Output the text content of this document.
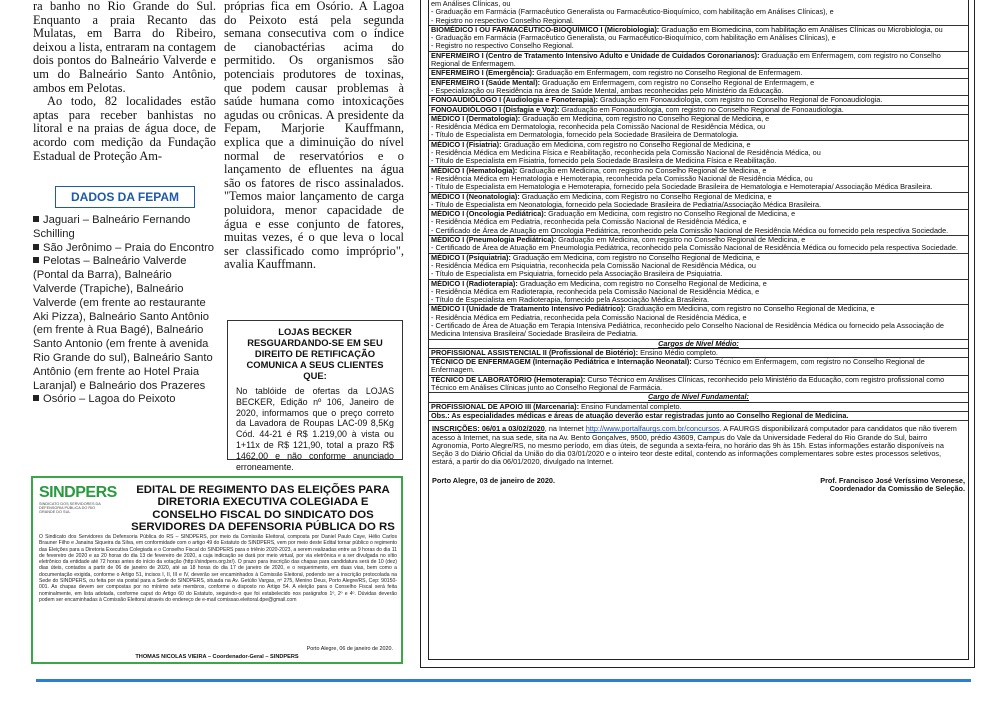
ra banho no Rio Grande do Sul. Enquanto a praia Recanto das Mulatas, em Barra do Ribeiro, deixou a lista, entraram na contagem dois pontos do Balneário Valverde e um do Balneário Santo Antônio, ambos em Pelotas.

Ao todo, 82 localidades estão aptas para receber banhistas no litoral e na praias de água doce, de acordo com medição da Fundação Estadual de Proteção Am-

próprias fica em Osório. A Lagoa do Peixoto está pela segunda semana consecutiva com o índice de cianobactérias acima do permitido. Os organismos são potenciais produtores de toxinas, que podem causar problemas à saúde humana como intoxicações agudas ou crônicas. A presidente da Fepam, Marjorie Kauffmann, explica que a diminuição do nível normal de reservatórios e o lançamento de efluentes na água são os fatores de risco assinalados. "Temos maior lançamento de carga poluidora, menor capacidade de água e esse conjunto de fatores, muitas vezes, é o que leva o local ser classificado como impróprio", avalia Kauffmann.

DADOS DA FEPAM
Jaguari – Balneário Fernando Schilling
São Jerônimo – Praia do Encontro
Pelotas – Balneário Valverde (Pontal da Barra), Balneário Valverde (Trapiche), Balneário Valverde (em frente ao restaurante Aki Pizza), Balneário Santo Antônio (em frente à Rua Bagé), Balneário Santo Antonio (em frente à avenida Rio Grande do sul), Balneário Santo Antônio (em frente ao Hotel Praia Laranjal) e Balneário dos Prazeres
Osório – Lagoa do Peixoto
LOJAS BECKER RESGUARDANDO-SE EM SEU DIREITO DE RETIFICAÇÃO COMUNICA A SEUS CLIENTES QUE:
No tablóide de ofertas da LOJAS BECKER, Edição nº 106, Janeiro de 2020, informamos que o preço correto da Lavadora de Roupas LAC-09 8,5Kg Cód. 44-21 é R$ 1.219,00 à vista ou 1+11x de R$ 121,90, total a prazo R$ 1462,00 e não conforme anunciado erroneamente.
SINDPERS
SINDICATO DOS SERVIDORES DA DEFENSORIA PÚBLICA DO RIO GRANDE DO SUL
EDITAL DE REGIMENTO DAS ELEIÇÕES PARA DIRETORIA EXECUTIVA COLEGIADA E CONSELHO FISCAL DO SINDICATO DOS SERVIDORES DA DEFENSORIA PÚBLICA DO RS
O Sindicato dos Servidores da Defensoria Pública do RS – SINDPERS, por meio da Comissão Eleitoral, composta por Daniel Paulo Caye, Hélio Carlos Brauner Filho e Janaina Siqueira da Silva, em conformidade com o artigo 49 do Estatuto do SINDPERS, vem por meio deste Edital tornar público o regimento das Eleições para a Diretoria Executiva Colegiada e o Conselho Fiscal do SINDPERS para o triênio 2020-2023, a serem realizadas entre as 9 horas do dia 11 de fevereiro de 2020 e as 20 horas do dia 13 de fevereiro de 2020, a cuja indicação se dará por meio virtual, por via eletrônica e a ser divulgada no sítio eletrônico da entidade até 72 horas antes do início da votação (http://sindpers.org.br/). O prazo para inscrição das chapas para candidatura será de 10 (dez) dias úteis, contados a partir de 06 de janeiro de 2020, até as 18 horas do dia 17 de janeiro de 2020, e o requerimento, em duas vias, bem como a documentação exigida, conforme o Artigo 51, incisos I, II, III e IV, deverão ser encaminhados à Comissão Eleitoral, podendo ser a inscrição protocolada na Sede do SINDPERS, ou feita por via postal para a Sede do SINDPERS, situada na Av. Getúlio Vargas, nº 275, Menino Deus, Porto Alegre/RS, Cep: 90150-001. As chapas devem ser compostas por no mínimo sete membros, conforme o disposto no Artigo 54. A eleição para o Conselho Fiscal será feita nominalmente, em lista adotada, conforme caput do Artigo 60 do Estatuto, seguindo-o que foi estabelecido nos parágrafos 1º, 2º e 4º. Dúvidas deverão podem ser encaminhadas à Comissão Eleitoral através do endereço de e-mail comissao.eleitoral.dpe@gmail.com
Porto Alegre, 06 de janeiro de 2020.
THOMAS NICOLAS VIEIRA – Coordenador-Geral – SINDPERS
em Análises Clínicas, ou
- Graduação em Farmácia (Farmacêutico Generalista ou Farmacêutico-Bioquímico, com habilitação em Análises Clínicas), e
- Registro no respectivo Conselho Regional.
BIOMÉDICO I OU FARMACÊUTICO-BIOQUÍMICO I (Microbiologia): Graduação em Biomedicina, com habilitação em Análises Clínicas ou Microbiologia, ou
- Graduação em Farmácia (Farmacêutico Generalista, ou Farmacêutico-Bioquímico, com habilitação em Análises Clínicas), e
- Registro no respectivo Conselho Regional.
ENFERMEIRO I (Centro de Tratamento Intensivo Adulto e Unidade de Cuidados Coronarianos): Graduação em Enfermagem, com registro no Conselho Regional de Enfermagem.
ENFERMEIRO I (Emergência): Graduação em Enfermagem, com registro no Conselho Regional de Enfermagem.
ENFERMEIRO I (Saúde Mental): Graduação em Enfermagem, com registro no Conselho Regional de Enfermagem, e
- Especialização ou Residência na área de Saúde Mental, ambas reconhecidas pelo Ministério da Educação.
FONOAUDIÓLOGO I (Audiologia e Fonoterapia): Graduação em Fonoaudiologia, com registro no Conselho Regional de Fonoaudiologia.
FONOAUDIÓLOGO I (Disfagia e Voz): Graduação em Fonoaudiologia, com registro no Conselho Regional de Fonoaudiologia.
MÉDICO I (Dermatologia): Graduação em Medicina, com registro no Conselho Regional de Medicina, e
- Residência Médica em Dermatologia, reconhecida pela Comissão Nacional de Residência Médica, ou
- Título de Especialista em Dermatologia, fornecido pela Sociedade Brasileira de Dermatologia.
MÉDICO I (Fisiatria): Graduação em Medicina, com registro no Conselho Regional de Medicina, e
- Residência Médica em Medicina Física e Reabilitação, reconhecida pela Comissão Nacional de Residência Médica, ou
- Título de Especialista em Fisiatria, fornecido pela Sociedade Brasileira de Medicina Física e Reabilitação.
MÉDICO I (Hematologia): Graduação em Medicina, com registro no Conselho Regional de Medicina, e
- Residência Médica em Hematologia e Hemoterapia, reconhecida pela Comissão Nacional de Residência Médica, ou
- Título de Especialista em Hematologia e Hemoterapia, fornecido pela Sociedade Brasileira de Hematologia e Hemoterapia/ Associação Médica Brasileira.
MÉDICO I (Neonatologia): Graduação em Medicina, com Registro no Conselho Regional de Medicina, e
- Título de Especialista em Neonatologia, fornecido pela Sociedade Brasileira de Pediatria/Associação Médica Brasileira.
MÉDICO I (Oncologia Pediátrica): Graduação em Medicina, com registro no Conselho Regional de Medicina, e
- Residência Médica em Pediatria, reconhecida pela Comissão Nacional de Residência Médica, e
- Certificado de Área de Atuação em Oncologia Pediátrica, reconhecido pela Comissão Nacional de Residência Médica ou fornecido pela respectiva Sociedade.
MÉDICO I (Pneumologia Pediátrica): Graduação em Medicina, com registro no Conselho Regional de Medicina, e
- Certificado de Área de Atuação em Pneumologia Pediátrica, reconhecido pela Comissão Nacional de Residência Médica ou fornecido pela respectiva Sociedade.
MÉDICO I (Psiquiatria): Graduação em Medicina, com registro no Conselho Regional de Medicina, e
- Residência Médica em Psiquiatria, reconhecida pela Comissão Nacional de Residência Médica, ou
- Título de Especialista em Psiquiatria, fornecido pela Associação Brasileira de Psiquiatria.
MÉDICO I (Radioterapia): Graduação em Medicina, com registro no Conselho Regional de Medicina, e
- Residência Médica em Radioterapia, reconhecida pela Comissão Nacional de Residência Médica, e
- Título de Especialista em Radioterapia, fornecido pela Associação Médica Brasileira.
MÉDICO I (Unidade de Tratamento Intensivo Pediátrico): Graduação em Medicina, com registro no Conselho Regional de Medicina, e
- Residência Médica em Pediatria, reconhecida pela Comissão Nacional de Residência Médica, e
- Certificado de Área de Atuação em Terapia Intensiva Pediátrica, reconhecido pelo Conselho Nacional de Residência Médica ou fornecido pela Associação de Medicina Intensiva Brasileira/ Sociedade Brasileira de Pediatria.
Cargos de Nível Médio:
PROFISSIONAL ASSISTENCIAL II (Profissional de Biotério): Ensino Médio completo.
TÉCNICO DE ENFERMAGEM (Internação Pediátrica e Internação Neonatal): Curso Técnico em Enfermagem, com registro no Conselho Regional de Enfermagem.
TÉCNICO DE LABORATÓRIO (Hemoterapia): Curso Técnico em Análises Clínicas, reconhecido pelo Ministério da Educação, com registro profissional como Técnico em Análises Clínicas junto ao Conselho Regional de Farmácia.
Cargo de Nível Fundamental:
PROFISSIONAL DE APOIO III (Marcenaria): Ensino Fundamental completo.
Obs.: As especialidades médicas e áreas de atuação deverão estar registradas junto ao Conselho Regional de Medicina.
INSCRIÇÕES: 06/01 a 03/02/2020, na Internet http://www.portalfaurgs.com.br/concursos. A FAURGS disponibilizará computador para candidatos que não tiverem acesso à Internet, na sua sede, sita na Av. Bento Gonçalves, 9500, prédio 43609, Campus do Vale da Universidade Federal do Rio Grande do Sul, bairro Agronomia, Porto Alegre/RS, no mesmo período, em dias úteis, de segunda a sexta-feira, no horário das 9h às 15h. Estas informações estarão disponíveis na Seção 3 do Diário Oficial da União do dia 03/01/2020 e o inteiro teor deste edital, contendo as informações complementares sobre estes processos seletivos, estará, a partir do dia 06/01/2020, divulgado na Internet.
Porto Alegre, 03 de janeiro de 2020.	Prof. Francisco José Veríssimo Veronese,
Coordenador da Comissão de Seleção.
